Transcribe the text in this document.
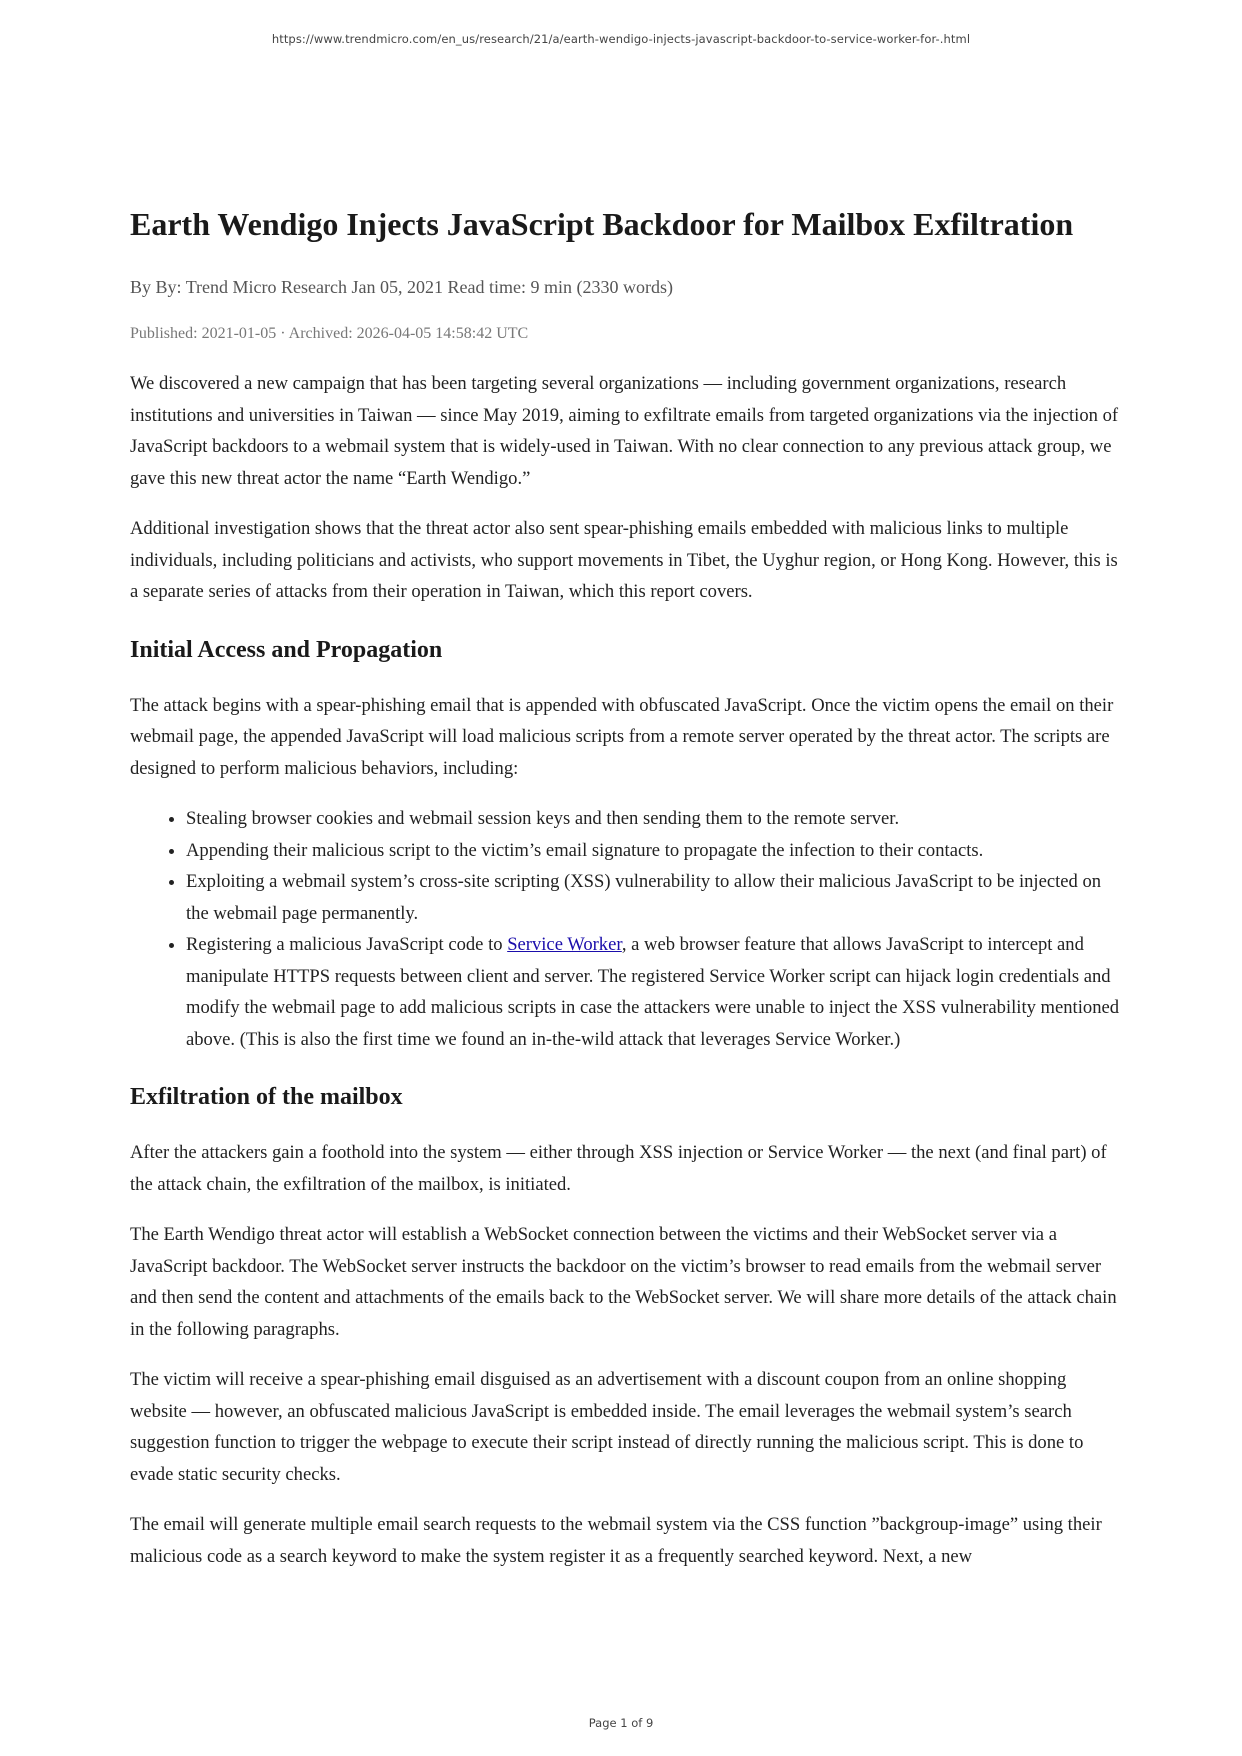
https://www.trendmicro.com/en_us/research/21/a/earth-wendigo-injects-javascript-backdoor-to-service-worker-for-.html
Earth Wendigo Injects JavaScript Backdoor for Mailbox Exfiltration
By By: Trend Micro Research Jan 05, 2021 Read time: 9 min (2330 words)
Published: 2021-01-05 · Archived: 2026-04-05 14:58:42 UTC

We discovered a new campaign that has been targeting several organizations — including government organizations, research institutions and universities in Taiwan — since May 2019, aiming to exfiltrate emails from targeted organizations via the injection of JavaScript backdoors to a webmail system that is widely-used in Taiwan. With no clear connection to any previous attack group, we gave this new threat actor the name “Earth Wendigo.”

Additional investigation shows that the threat actor also sent spear-phishing emails embedded with malicious links to multiple individuals, including politicians and activists, who support movements in Tibet, the Uyghur region, or Hong Kong. However, this is a separate series of attacks from their operation in Taiwan, which this report covers.

Initial Access and Propagation

The attack begins with a spear-phishing email that is appended with obfuscated JavaScript. Once the victim opens the email on their webmail page, the appended JavaScript will load malicious scripts from a remote server operated by the threat actor. The scripts are designed to perform malicious behaviors, including:

• Stealing browser cookies and webmail session keys and then sending them to the remote server.
• Appending their malicious script to the victim’s email signature to propagate the infection to their contacts.
• Exploiting a webmail system’s cross-site scripting (XSS) vulnerability to allow their malicious JavaScript to be injected on the webmail page permanently.
• Registering a malicious JavaScript code to Service Worker, a web browser feature that allows JavaScript to intercept and manipulate HTTPS requests between client and server. The registered Service Worker script can hijack login credentials and modify the webmail page to add malicious scripts in case the attackers were unable to inject the XSS vulnerability mentioned above. (This is also the first time we found an in-the-wild attack that leverages Service Worker.)
Exfiltration of the mailbox

After the attackers gain a foothold into the system — either through XSS injection or Service Worker — the next (and final part) of the attack chain, the exfiltration of the mailbox, is initiated.

The Earth Wendigo threat actor will establish a WebSocket connection between the victims and their WebSocket server via a JavaScript backdoor. The WebSocket server instructs the backdoor on the victim’s browser to read emails from the webmail server and then send the content and attachments of the emails back to the WebSocket server. We will share more details of the attack chain in the following paragraphs.

The victim will receive a spear-phishing email disguised as an advertisement with a discount coupon from an online shopping website — however, an obfuscated malicious JavaScript is embedded inside. The email leverages the webmail system’s search suggestion function to trigger the webpage to execute their script instead of directly running the malicious script. This is done to evade static security checks.

The email will generate multiple email search requests to the webmail system via the CSS function ”backgroup-image” using their malicious code as a search keyword to make the system register it as a frequently searched keyword. Next, a new

Page 1 of 9
